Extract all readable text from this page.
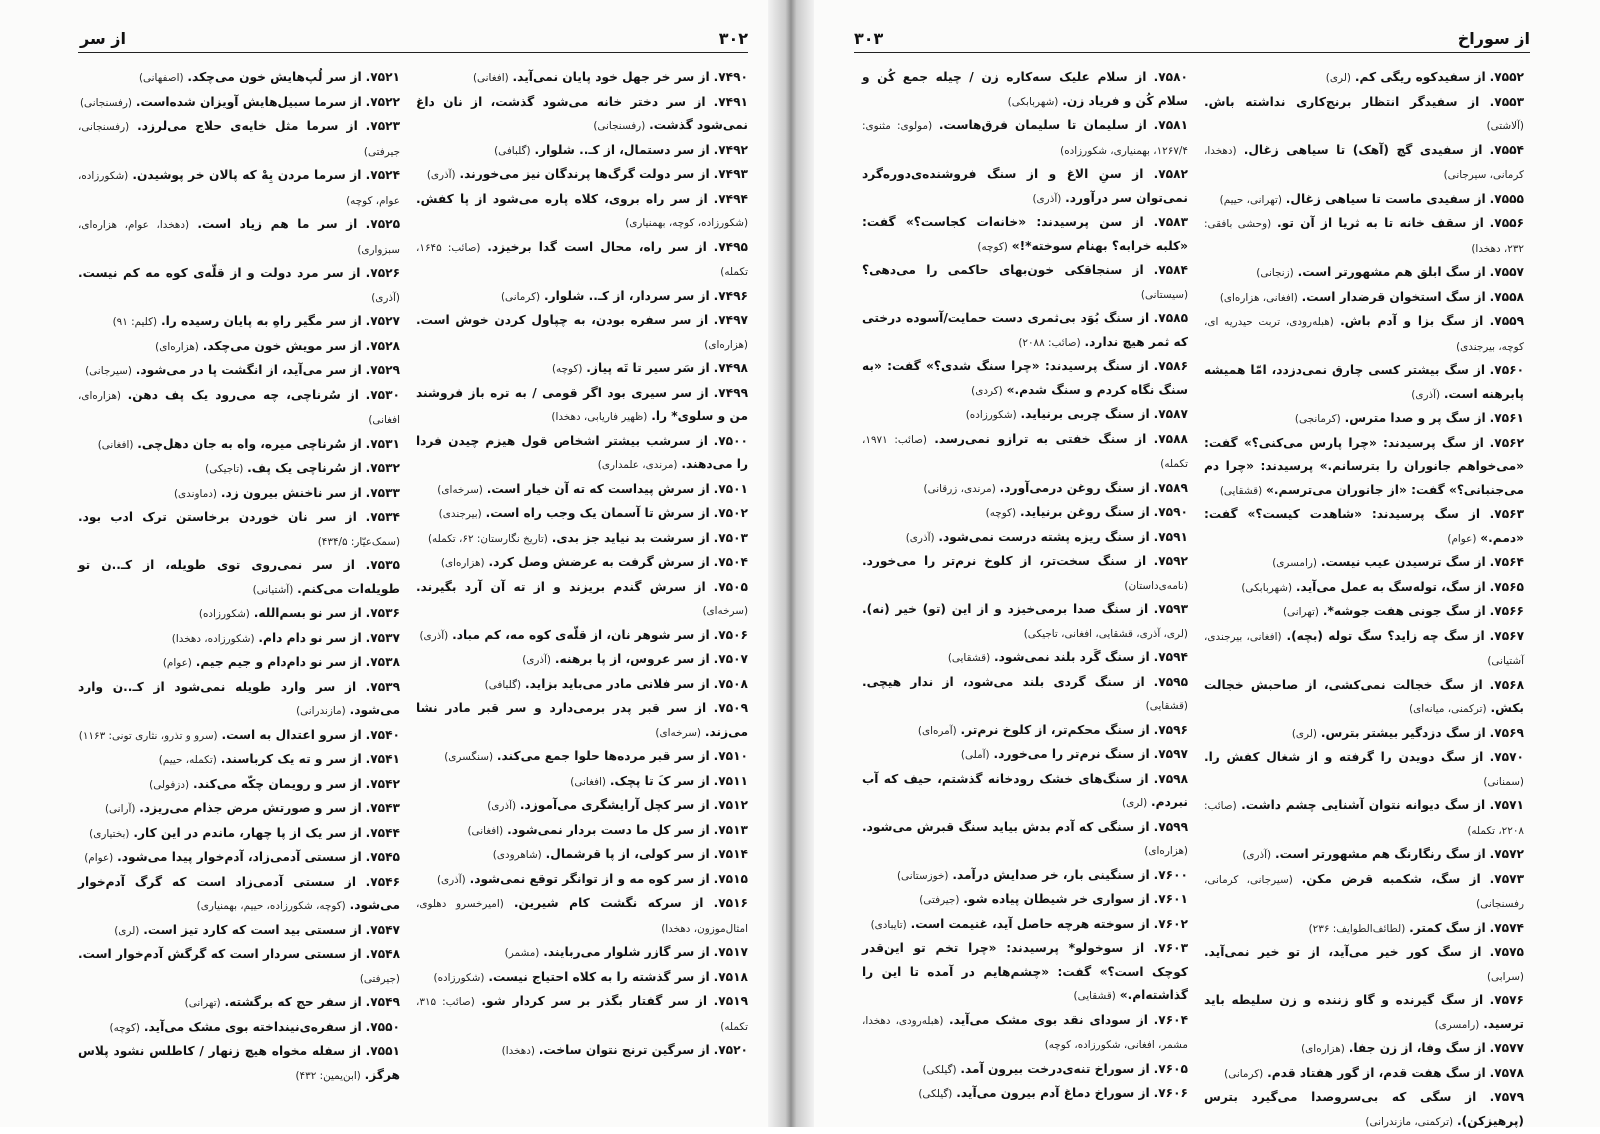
۳۰۲
از سر

۷۴۹۰. از سر خر جهل خود پایان نمی‌آید. (افغانی)

۷۴۹۱. از سر دختر خانه می‌شود گذشت، از نان داغ نمی‌شود گذشت. (رفسنجانی)

۷۴۹۲. از سر دستمال، از کـ.. شلوار. (گلبافی)

۷۴۹۳. از سر دولت گرگ‌ها پرندگان نیز می‌خورند. (آذری)

۷۴۹۴. از سر راه بروی، کلاه پاره می‌شود از پا کفش. (شکورزاده، کوچه، بهمنیاری)

۷۴۹۵. از سر راه، محال است گدا برخیزد. (صائب: ۱۶۴۵، تکمله)

۷۴۹۶. از سر سردار، از کـ.. شلوار. (کرمانی)

۷۴۹۷. از سر سفره بودن، به چپاول کردن خوش است. (هزاره‌ای)

۷۴۹۸. از سَر سیر تا تَه پیاز. (کوچه)

۷۴۹۹. از سر سیری بود اگر قومی / به تره باز فروشند من و سلوی* را. (ظهیر فاریابی، دهخدا)

۷۵۰۰. از سرشب بیشتر اشخاص قول هیزم چیدن فردا را می‌دهند. (مرندی، علمداری)

۷۵۰۱. از سرش پیداست که ته آن خیار است. (سرخه‌ای)

۷۵۰۲. از سرش تا آسمان یک وجب راه است. (بیرجندی)

۷۵۰۳. از سرشت بد نیاید جز بدی. (تاریخ نگارستان: ۶۲، تکمله)

۷۵۰۴. از سرش گرفت به عرضش وصل کرد. (هزاره‌ای)

۷۵۰۵. از سرش گندم بریزند و از ته آن آرد بگیرند. (سرخه‌ای)

۷۵۰۶. از سر شوهر نان، از قلّه‌ی کوه مه، کم مباد. (آذری)

۷۵۰۷. از سر عروس، از پا برهنه. (آذری)

۷۵۰۸. از سر فلانی مادر می‌باید بزاید. (گلبافی)

۷۵۰۹. از سر قبر پدر برمی‌دارد و سر قبر مادر نشا می‌زند. (سرخه‌ای)

۷۵۱۰. از سر قبر مرده‌ها حلوا جمع می‌کند. (سنگسری)

۷۵۱۱. از سر کَ تا پچک. (افغانی)

۷۵۱۲. از سر کچل آرایشگری می‌آموزد. (آذری)

۷۵۱۳. از سر کل ما دست بردار نمی‌شود. (افغانی)

۷۵۱۴. از سر کولی، از پا قرشمال. (شاهرودی)

۷۵۱۵. از سر کوه مه و از توانگر توقع نمی‌شود. (آذری)

۷۵۱۶. از سرکه نگشت کام شیرین. (امیرخسرو دهلوی، امثال‌موزون، دهخدا)

۷۵۱۷. از سر گازر شلوار می‌ربایند. (مشمر)

۷۵۱۸. از سر گذشته را به کلاه احتیاج نیست. (شکورزاده)

۷۵۱۹. از سر گفتار بگذر بر سر کردار شو. (صائب: ۳۱۵، تکمله)

۷۵۲۰. از سرگین ترنج نتوان ساخت. (دهخدا)

۷۵۲۱. از سر لُپ‌هایش خون می‌چکد. (اصفهانی)

۷۵۲۲. از سرما سبیل‌هایش آویزان شده‌است. (رفسنجانی)

۷۵۲۳. از سرما مثل خایه‌ی حلاج می‌لرزد. (رفسنجانی، جیرفتی)

۷۵۲۴. از سرما مردن بِهْ که پالان خر پوشیدن. (شکورزاده، عوام، کوچه)

۷۵۲۵. از سر ما هم زیاد است. (دهخدا، عوام، هزاره‌ای، سبزواری)

۷۵۲۶. از سر مرد دولت و از قلّه‌ی کوه مه کم نیست. (آذری)

۷۵۲۷. از سر مگیر راهِ به پایان رسیده را. (کلیم: ۹۱)

۷۵۲۸. از سر مویش خون می‌چکد. (هزاره‌ای)

۷۵۲۹. از سر می‌آید، از انگشت پا در می‌شود. (سیرجانی)

۷۵۳۰. از سُرناچی، چه می‌رود یک پف دهن. (هزاره‌ای، افغانی)

۷۵۳۱. از سُرناچی میره، واه به جان دهل‌چی. (افغانی)

۷۵۳۲. از سُرناچی یک پف. (تاجیکی)

۷۵۳۳. از سر ناخنش بیرون زد. (دماوندی)

۷۵۳۴. از سر نان خوردن برخاستن ترک ادب بود. (سمک‌عیّار: ۴۳۴/۵)

۷۵۳۵. از سر نمی‌روی توی طویله، از کـ..ن تو طویله‌ات می‌کنم. (آشتیانی)

۷۵۳۶. از سر نو بسم‌الله. (شکورزاده)

۷۵۳۷. از سر نو دام دام. (شکورزاده، دهخدا)

۷۵۳۸. از سر نو دام‌دام و جیم جیم. (عوام)

۷۵۳۹. از سر وارد طویله نمی‌شود از کـ..ن وارد می‌شود. (مازندرانی)

۷۵۴۰. از سرو اعتدال به است. (سرو و تذرو، نثاری تونی: ۱۱۶۳)

۷۵۴۱. از سر و ته یک کرباسند. (تکمله، حییم)

۷۵۴۲. از سر و رویمان چکّه می‌کند. (دزفولی)

۷۵۴۳. از سر و صورتش مرض جذام می‌ریزد. (آرانی)

۷۵۴۴. از سر یک از پا چهار، ماندم در این کار. (بختیاری)

۷۵۴۵. از سستی آدمی‌زاد، آدم‌خوار پیدا می‌شود. (عوام)

۷۵۴۶. از سستی آدمی‌زاد است که گرگ آدم‌خوار می‌شود. (کوچه، شکورزاده، حییم، بهمنیاری)

۷۵۴۷. از سستی بید است که کارد تیز است. (لری)

۷۵۴۸. از سستی سردار است که گرگش آدم‌خوار است. (جیرفتی)

۷۵۴۹. از سفر حج که برگشته. (تهرانی)

۷۵۵۰. از سفره‌ی‌نینداخته بوی مشک می‌آید. (کوچه)

۷۵۵۱. از سفله مخواه هیچ زنهار / کاطلس نشود پلاس هرگز. (ابن‌یمین: ۴۳۲)

از سوراخ
۳۰۳

۷۵۵۲. از سفیدکوه ریگی کم. (لری)

۷۵۵۳. از سفیدگر انتظار برنج‌کاری نداشته باش. (آلاشتی)

۷۵۵۴. از سفیدی گچ (آهک) تا سیاهی زغال. (دهخدا، کرمانی، سیرجانی)

۷۵۵۵. از سفیدی ماست تا سیاهی زغال. (تهرانی، حییم)

۷۵۵۶. از سقف خانه تا به ثریا از آن تو. (وحشی بافقی: ۲۳۲، دهخدا)

۷۵۵۷. از سگ ابلق هم مشهورتر است. (زنجانی)

۷۵۵۸. از سگ استخوان قرضدار است. (افغانی، هزاره‌ای)

۷۵۵۹. از سگ بزا و آدم باش. (هبله‌رودی، تربت حیدریه ای، کوچه، بیرجندی)

۷۵۶۰. از سگ بیشتر کسی چارق نمی‌دزدد، امّا همیشه پابرهنه است. (آذری)

۷۵۶۱. از سگ پر و صدا مترس. (کرمانجی)

۷۵۶۲. از سگ پرسیدند: «چرا پارس می‌کنی؟» گفت: «می‌خواهم جانوران را بترسانم.» پرسیدند: «چرا دم می‌جنبانی؟» گفت: «از جانوران می‌ترسم.» (قشقایی)

۷۵۶۳. از سگ پرسیدند: «شاهدت کیست؟» گفت: «دمم.» (عوام)

۷۵۶۴. از سگ ترسیدن عیب نیست. (رامسری)

۷۵۶۵. از سگ، توله‌سگ به عمل می‌آید. (شهربابکی)

۷۵۶۶. از سگ جونی هفت جوشه*. (تهرانی)

۷۵۶۷. از سگ چه زاید؟ سگ توله (بچه). (افغانی، بیرجندی، آشتیانی)

۷۵۶۸. از سگ خجالت نمی‌کشی، از صاحبش خجالت بکش. (ترکمنی، میانه‌ای)

۷۵۶۹. از سگ دزدگیر بیشتر بترس. (لری)

۷۵۷۰. از سگ دویدن را گرفته و از شغال کفش را. (سمنانی)

۷۵۷۱. از سگ دیوانه نتوان آشنایی چشم داشت. (صائب: ۲۲۰۸، تکمله)

۷۵۷۲. از سگ رنگارنگ هم مشهورتر است. (آذری)

۷۵۷۳. از سگ، شکمبه قرض مکن. (سیرجانی، کرمانی، رفسنجانی)

۷۵۷۴. از سگ کمتر. (لطائف‌الطوایف: ۲۳۶)

۷۵۷۵. از سگ کور خیر می‌آید، از تو خیر نمی‌آید. (سرابی)

۷۵۷۶. از سگ گیرنده و گاو زننده و زن سلیطه باید ترسید. (رامسری)

۷۵۷۷. از سگ وفا، از زن جفا. (هزاره‌ای)

۷۵۷۸. از سگ هفت قدم، از گور هفتاد قدم. (کرمانی)

۷۵۷۹. از سگی که بی‌سروصدا می‌گیرد بترس (پرهیزکن). (ترکمنی، مازندرانی)

۷۵۸۰. از سلام علیک سه‌کاره زن / چیله جمع کُن و سلام کُن و فریاد زن. (شهربابکی)

۷۵۸۱. از سلیمان تا سلیمان فرق‌هاست. (مولوی: مثنوی: ۱۲۶۷/۴، بهمنیاری، شکورزاده)

۷۵۸۲. از سنِ الاغ و از سنگ فروشنده‌ی‌دوره‌گرد نمی‌توان سر درآورد. (آذری)

۷۵۸۳. از سن پرسیدند: «خانه‌ات کجاست؟» گفت: «کلبه خرابه؟ بهنام سوخته*!» (کوچه)

۷۵۸۴. از سنجاقکی خون‌بهای حاکمی را می‌دهی؟ (سیستانی)

۷۵۸۵. از سنگ بُوَد بی‌ثمری دست حمایت/آسوده درختی که ثمر هیچ ندارد. (صائب: ۲۰۸۸)

۷۵۸۶. از سنگ پرسیدند: «چرا سنگ شدی؟» گفت: «به سنگ نگاه کردم و سنگ شدم.» (کردی)

۷۵۸۷. از سنگ چربی برنیاید. (شکورزاده)

۷۵۸۸. از سنگ خفتی به ترازو نمی‌رسد. (صائب: ۱۹۷۱، تکمله)

۷۵۸۹. از سنگ روغن درمی‌آورد. (مرندی، زرقانی)

۷۵۹۰. از سنگ روغن برنیاید. (کوچه)

۷۵۹۱. از سنگ ریزه پشته درست نمی‌شود. (آذری)

۷۵۹۲. از سنگ سخت‌تر، از کلوخ نرم‌تر را می‌خورد. (نامه‌ی‌داستان)

۷۵۹۳. از سنگ صدا برمی‌خیزد و از این (تو) خیر (نه). (لری، آذری، قشقایی، افغانی، تاجیکی)

۷۵۹۴. از سنگ گَرد بلند نمی‌شود. (قشقایی)

۷۵۹۵. از سنگ گردی بلند می‌شود، از ندار هیچی. (قشقایی)

۷۵۹۶. از سنگ محکم‌تر، از کلوخ نرم‌تر. (آمره‌ای)

۷۵۹۷. از سنگ نرم‌تر را می‌خورد. (آملی)

۷۵۹۸. از سنگ‌های خشک رودخانه گذشتم، حیف که آب نبردم. (لری)

۷۵۹۹. از سنگی که آدم بدش بیاید سنگ قبرش می‌شود. (هزاره‌ای)

۷۶۰۰. از سنگینی بار، خر صدایش درآمد. (خوزستانی)

۷۶۰۱. از سواری خر شیطان پیاده شو. (جیرفتی)

۷۶۰۲. از سوخته هرچه حاصل آید، غنیمت است. (تایبادی)

۷۶۰۳. از سوخولو* پرسیدند: «چرا تخم تو این‌قدر کوچک است؟» گفت: «چشم‌هایم در آمده تا این را گذاشته‌ام.» (قشقایی)

۷۶۰۴. از سودای نقد بوی مشک می‌آید. (هبله‌رودی، دهخدا، مشمر، افغانی، شکورزاده، کوچه)

۷۶۰۵. از سوراخ تنه‌ی‌درخت بیرون آمد. (گیلکی)

۷۶۰۶. از سوراخ دماغ آدم بیرون می‌آید. (گیلکی)
